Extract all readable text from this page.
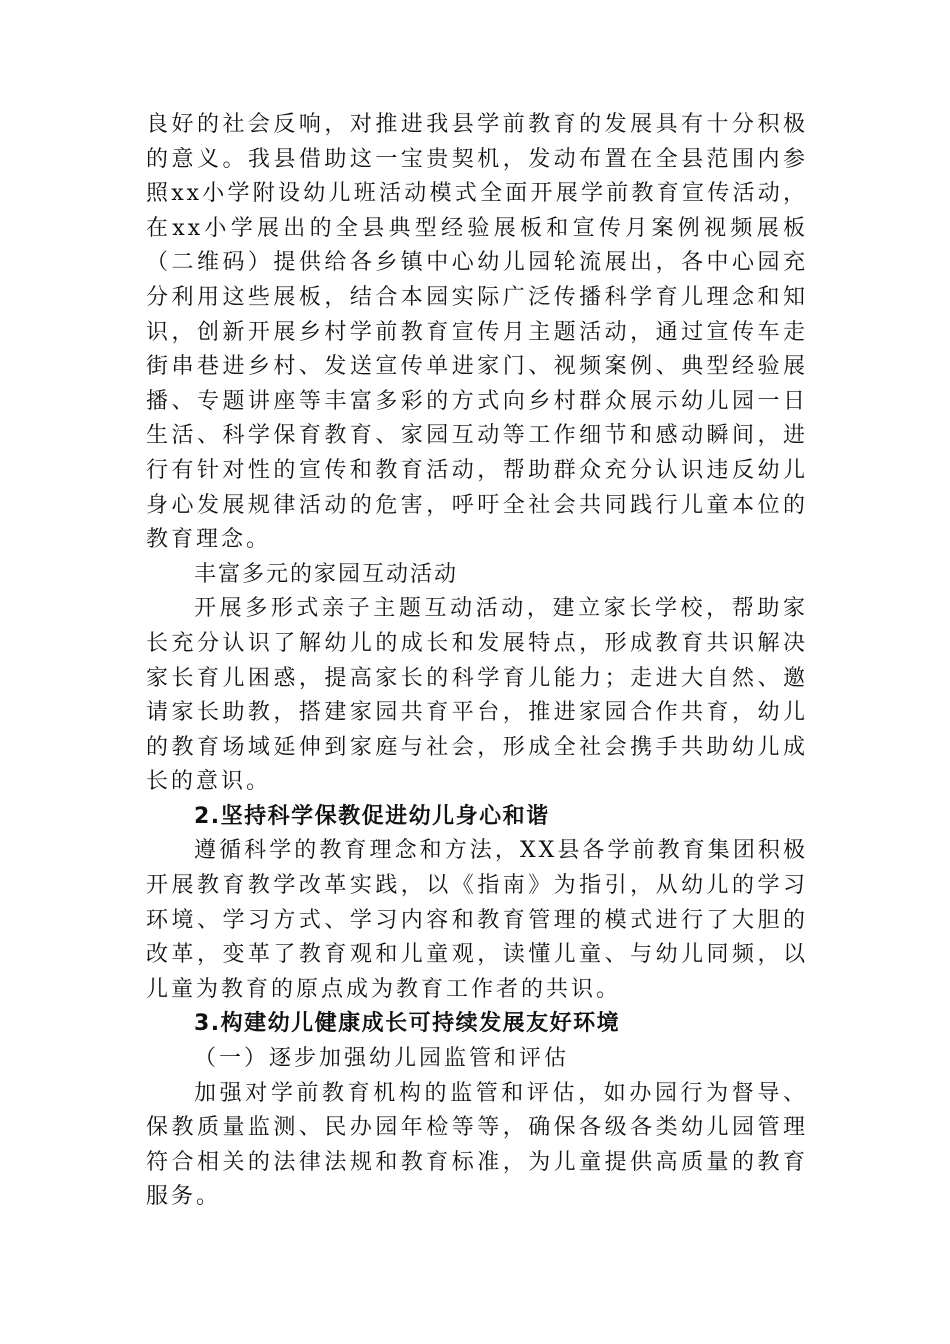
良好的社会反响，对推进我县学前教育的发展具有十分积极的意义。我县借助这一宝贵契机，发动布置在全县范围内参照xx小学附设幼儿班活动模式全面开展学前教育宣传活动，在xx小学展出的全县典型经验展板和宣传月案例视频展板（二维码）提供给各乡镇中心幼儿园轮流展出，各中心园充分利用这些展板，结合本园实际广泛传播科学育儿理念和知识，创新开展乡村学前教育宣传月主题活动，通过宣传车走街串巷进乡村、发送宣传单进家门、视频案例、典型经验展播、专题讲座等丰富多彩的方式向乡村群众展示幼儿园一日生活、科学保育教育、家园互动等工作细节和感动瞬间，进行有针对性的宣传和教育活动，帮助群众充分认识违反幼儿身心发展规律活动的危害，呼吁全社会共同践行儿童本位的教育理念。

丰富多元的家园互动活动

开展多形式亲子主题互动活动，建立家长学校，帮助家长充分认识了解幼儿的成长和发展特点，形成教育共识解决家长育儿困惑，提高家长的科学育儿能力；走进大自然、邀请家长助教，搭建家园共育平台，推进家园合作共育，幼儿的教育场域延伸到家庭与社会，形成全社会携手共助幼儿成长的意识。

2.坚持科学保教促进幼儿身心和谐

遵循科学的教育理念和方法，XX县各学前教育集团积极开展教育教学改革实践，以《指南》为指引，从幼儿的学习环境、学习方式、学习内容和教育管理的模式进行了大胆的改革，变革了教育观和儿童观，读懂儿童、与幼儿同频，以儿童为教育的原点成为教育工作者的共识。

3.构建幼儿健康成长可持续发展友好环境

（一）逐步加强幼儿园监管和评估

加强对学前教育机构的监管和评估，如办园行为督导、保教质量监测、民办园年检等等，确保各级各类幼儿园管理符合相关的法律法规和教育标准，为儿童提供高质量的教育服务。
